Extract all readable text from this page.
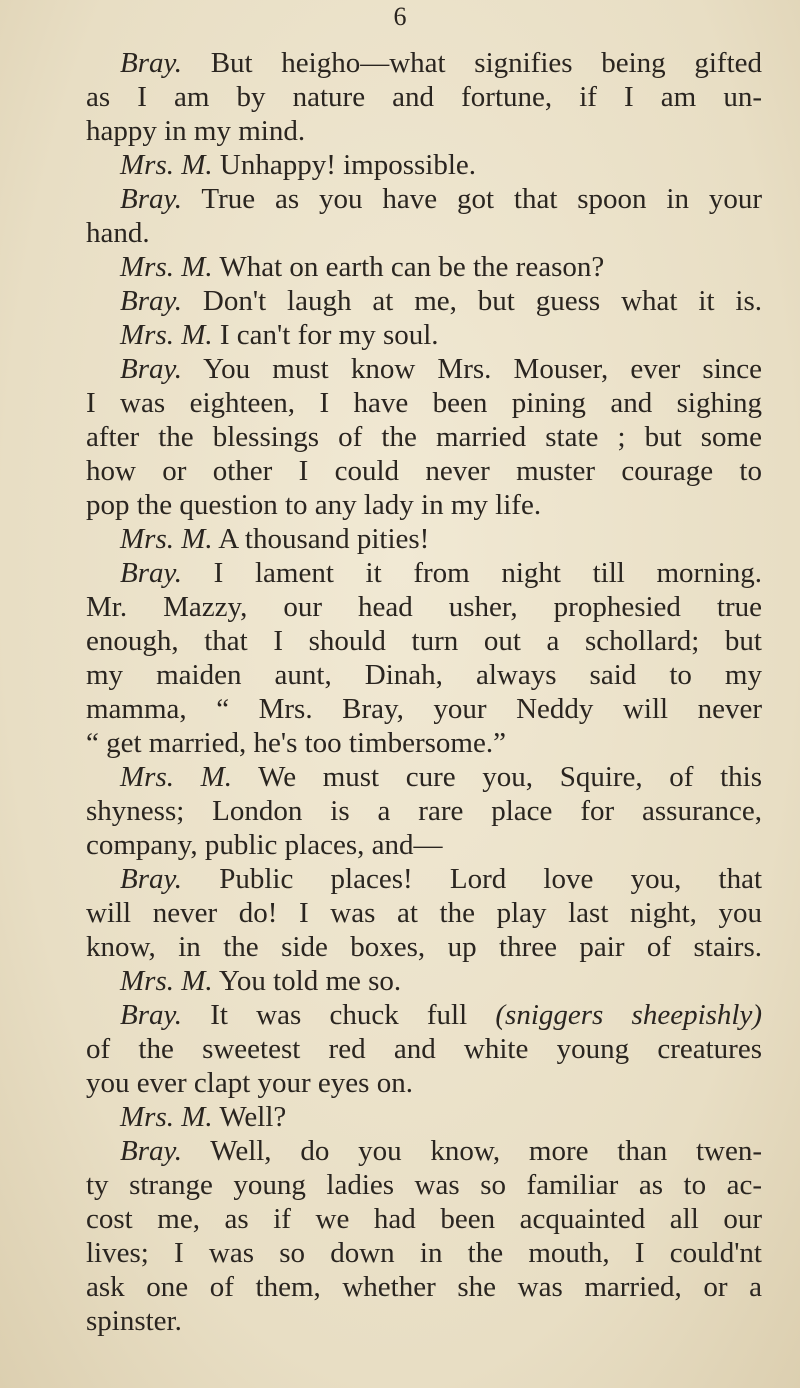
6
Bray. But heigho—what signifies being gifted
as I am by nature and fortune, if I am un-
happy in my mind.
Mrs. M. Unhappy! impossible.
Bray. True as you have got that spoon in your
hand.
Mrs. M. What on earth can be the reason?
Bray. Don't laugh at me, but guess what it is.
Mrs. M. I can't for my soul.
Bray. You must know Mrs. Mouser, ever since
I was eighteen, I have been pining and sighing
after the blessings of the married state ; but some
how or other I could never muster courage to
pop the question to any lady in my life.
Mrs. M. A thousand pities!
Bray. I lament it from night till morning.
Mr. Mazzy, our head usher, prophesied true
enough, that I should turn out a schollard; but
my maiden aunt, Dinah, always said to my
mamma, “ Mrs. Bray, your Neddy will never
“ get married, he's too timbersome.”
Mrs. M. We must cure you, Squire, of this
shyness; London is a rare place for assurance,
company, public places, and—
Bray. Public places! Lord love you, that
will never do! I was at the play last night, you
know, in the side boxes, up three pair of stairs.
Mrs. M. You told me so.
Bray. It was chuck full (sniggers sheepishly)
of the sweetest red and white young creatures
you ever clapt your eyes on.
Mrs. M. Well?
Bray. Well, do you know, more than twen-
ty strange young ladies was so familiar as to ac-
cost me, as if we had been acquainted all our
lives; I was so down in the mouth, I could'nt
ask one of them, whether she was married, or a
spinster.
